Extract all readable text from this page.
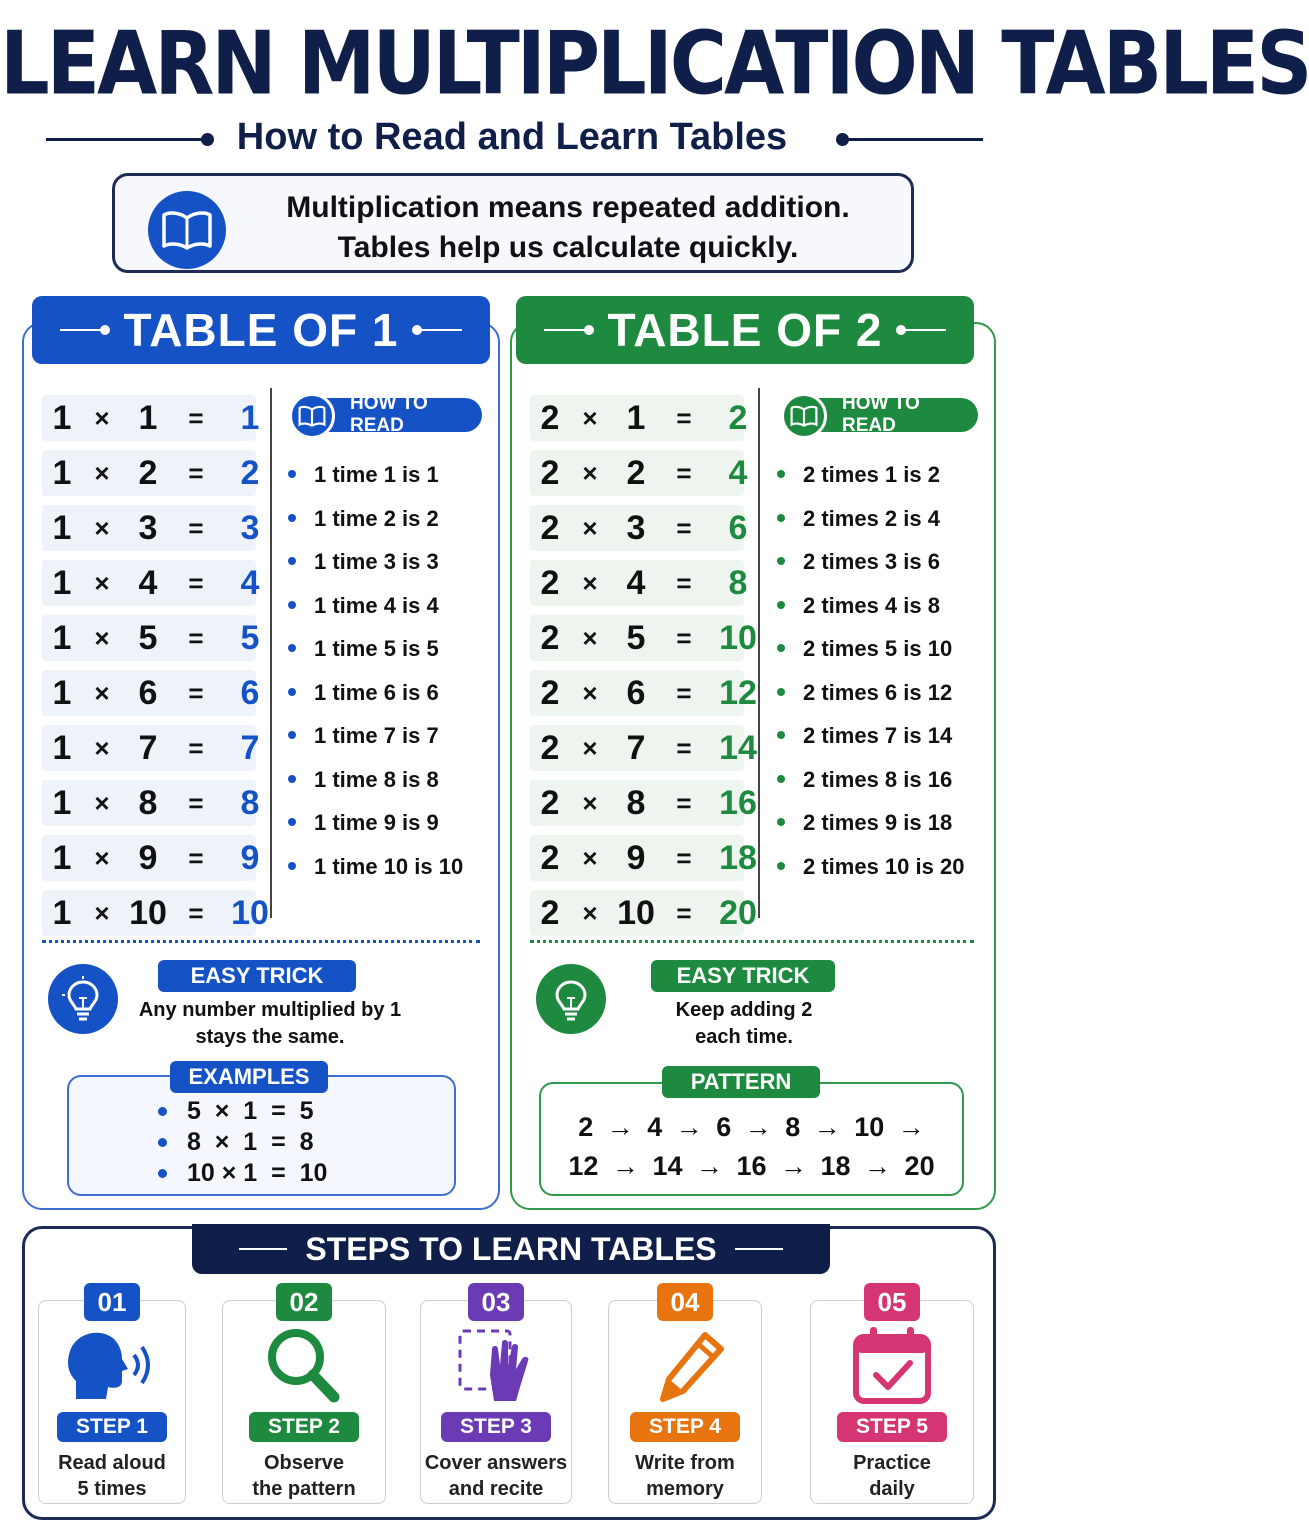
LEARN MULTIPLICATION TABLES
How to Read and Learn Tables
Multiplication means repeated addition.
Tables help us calculate quickly.
TABLE OF 1
1 × 1	=	1
1 × 2	=	2
1 × 3	=	3
1 × 4	=	4
1 × 5	=	5
1 × 6	=	6
1 × 7	=	7
1 × 8	=	8
1 × 9	=	9
1 × 10 = 10
HOW TO READ
1 time 1 is 1
1 time 2 is 2
1 time 3 is 3
1 time 4 is 4
1 time 5 is 5
1 time 6 is 6
1 time 7 is 7
1 time 8 is 8
1 time 9 is 9
1 time 10 is 10
EASY TRICK
Any number multiplied by 1
stays the same.
EXAMPLES
5  ×  1  =  5
8  ×  1  =  8
10 × 1  =  10
TABLE OF 2
2 × 1	=	2
2 × 2	=	4
2 × 3	=	6
2 × 4	=	8
2 × 5	= 10
2 × 6	= 12
2 × 7	= 14
2 × 8	= 16
2 × 9	= 18
2 × 10 = 20
HOW TO READ
2 times 1 is 2
2 times 2 is 4
2 times 3 is 6
2 times 4 is 8
2 times 5 is 10
2 times 6 is 12
2 times 7 is 14
2 times 8 is 16
2 times 9 is 18
2 times 10 is 20
EASY TRICK
Keep adding 2
each time.
2 → 4 → 6 → 8 → 10 →
12 → 14 → 16 → 18 → 20
PATTERN
STEPS TO LEARN TABLES
01
STEP 1
Read aloud
5 times
02
STEP 2
Observe
the pattern
03
STEP 3
Cover answers
and recite
04
STEP 4
Write from
memory
05
STEP 5
Practice
daily
